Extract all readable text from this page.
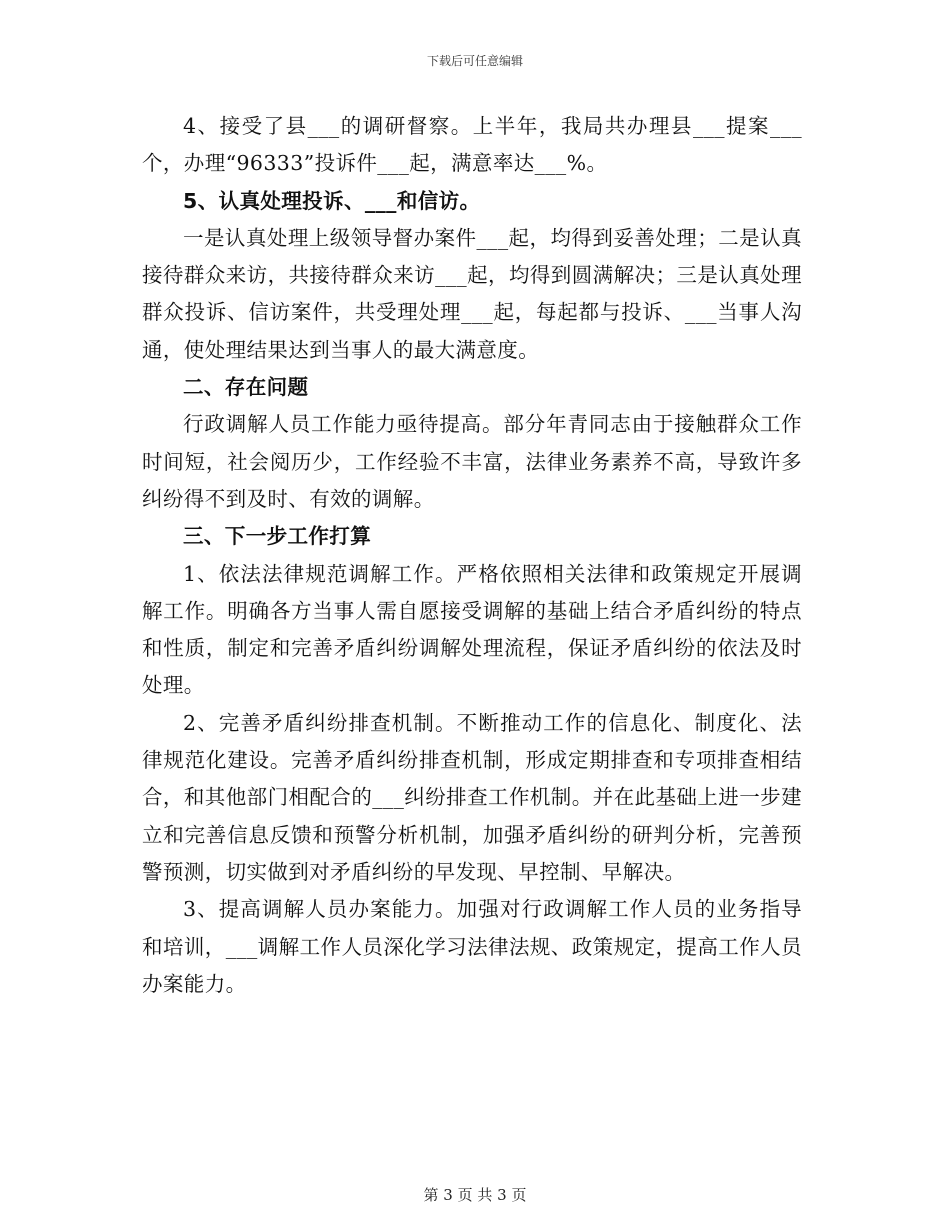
下载后可任意编辑

4、接受了县___的调研督察。上半年，我局共办理县___提案___个，办理“96333”投诉件___起，满意率达___%。

5、认真处理投诉、___和信访。

一是认真处理上级领导督办案件___起，均得到妥善处理；二是认真接待群众来访，共接待群众来访___起，均得到圆满解决；三是认真处理群众投诉、信访案件，共受理处理___起，每起都与投诉、___当事人沟通，使处理结果达到当事人的最大满意度。

二、存在问题

行政调解人员工作能力亟待提高。部分年青同志由于接触群众工作时间短，社会阅历少，工作经验不丰富，法律业务素养不高，导致许多纠纷得不到及时、有效的调解。

三、下一步工作打算

1、依法法律规范调解工作。严格依照相关法律和政策规定开展调解工作。明确各方当事人需自愿接受调解的基础上结合矛盾纠纷的特点和性质，制定和完善矛盾纠纷调解处理流程，保证矛盾纠纷的依法及时处理。

2、完善矛盾纠纷排查机制。不断推动工作的信息化、制度化、法律规范化建设。完善矛盾纠纷排查机制，形成定期排查和专项排查相结合，和其他部门相配合的___纠纷排查工作机制。并在此基础上进一步建立和完善信息反馈和预警分析机制，加强矛盾纠纷的研判分析，完善预警预测，切实做到对矛盾纠纷的早发现、早控制、早解决。

3、提高调解人员办案能力。加强对行政调解工作人员的业务指导和培训，___调解工作人员深化学习法律法规、政策规定，提高工作人员办案能力。

第 3 页 共 3 页
